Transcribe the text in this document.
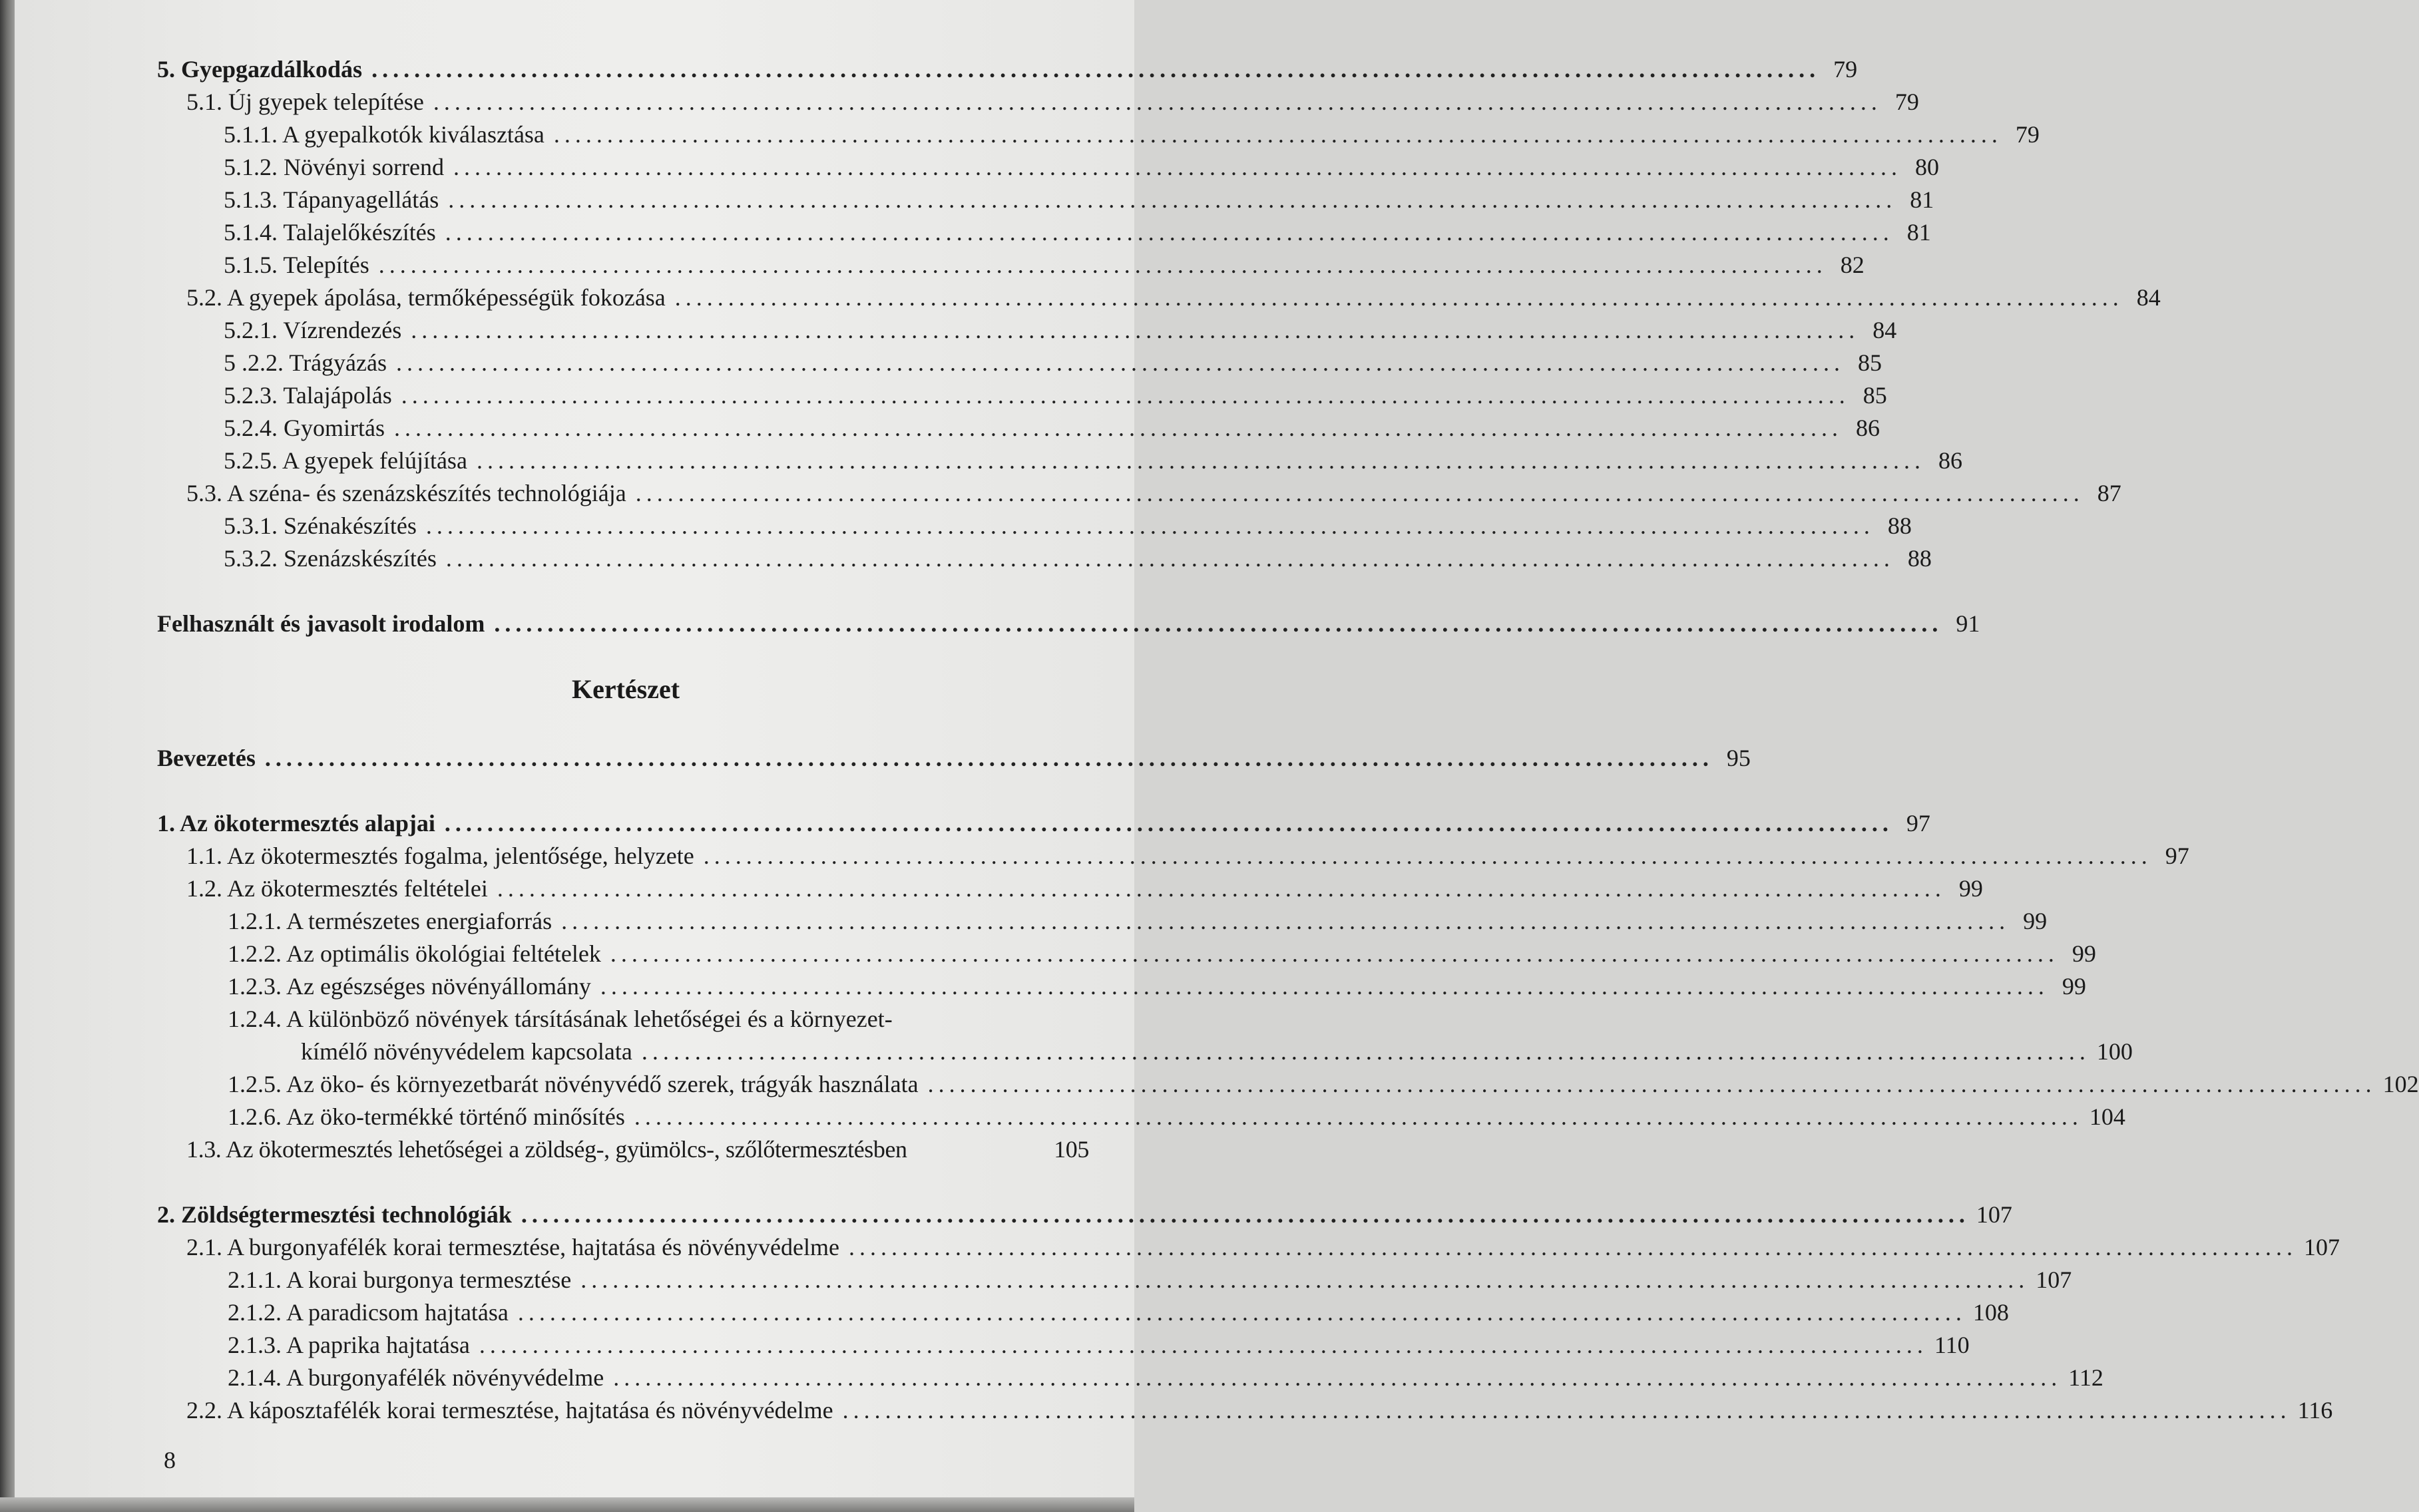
5. Gyepgazdálkodás ........................................................................................................................................ 79
5.1. Új gyepek telepítése ........................................................................................................................................ 79
5.1.1. A gyepalkotók kiválasztása ........................................................................................................................................ 79
5.1.2. Növényi sorrend ........................................................................................................................................ 80
5.1.3. Tápanyagellátás ........................................................................................................................................ 81
5.1.4. Talajelőkészítés ........................................................................................................................................ 81
5.1.5. Telepítés ........................................................................................................................................ 82
5.2. A gyepek ápolása, termőképességük fokozása ........................................................................................................................................ 84
5.2.1. Vízrendezés ........................................................................................................................................ 84
5 .2.2. Trágyázás ........................................................................................................................................ 85
5.2.3. Talajápolás ........................................................................................................................................ 85
5.2.4. Gyomirtás ........................................................................................................................................ 86
5.2.5. A gyepek felújítása ........................................................................................................................................ 86
5.3. A széna- és szenázskészítés technológiája ........................................................................................................................................ 87
5.3.1. Szénakészítés ........................................................................................................................................ 88
5.3.2. Szenázskészítés ........................................................................................................................................ 88
Felhasznált és javasolt irodalom ........................................................................................................................................ 91
Kertészet
Bevezetés ........................................................................................................................................ 95
1. Az ökotermesztés alapjai ........................................................................................................................................ 97
1.1. Az ökotermesztés fogalma, jelentősége, helyzete ........................................................................................................................................ 97
1.2. Az ökotermesztés feltételei ........................................................................................................................................ 99
1.2.1. A természetes energiaforrás ........................................................................................................................................ 99
1.2.2. Az optimális ökológiai feltételek ........................................................................................................................................ 99
1.2.3. Az egészséges növényállomány ........................................................................................................................................ 99
1.2.4. A különböző növények társításának lehetőségei és a környezet-
kímélő növényvédelem kapcsolata ........................................................................................................................................ 100
1.2.5. Az öko- és környezetbarát növényvédő szerek, trágyák használata ........................................................................................................................................ 102
1.2.6. Az öko-termékké történő minősítés ........................................................................................................................................ 104
1.3. Az ökotermesztés lehetőségei a zöldség-, gyümölcs-, szőlőtermesztésben	105
2. Zöldségtermesztési technológiák ........................................................................................................................................ 107
2.1. A burgonyafélék korai termesztése, hajtatása és növényvédelme ........................................................................................................................................ 107
2.1.1. A korai burgonya termesztése ........................................................................................................................................ 107
2.1.2. A paradicsom hajtatása ........................................................................................................................................ 108
2.1.3. A paprika hajtatása ........................................................................................................................................ 110
2.1.4. A burgonyafélék növényvédelme ........................................................................................................................................ 112
2.2. A káposztafélék korai termesztése, hajtatása és növényvédelme ........................................................................................................................................ 116
8
